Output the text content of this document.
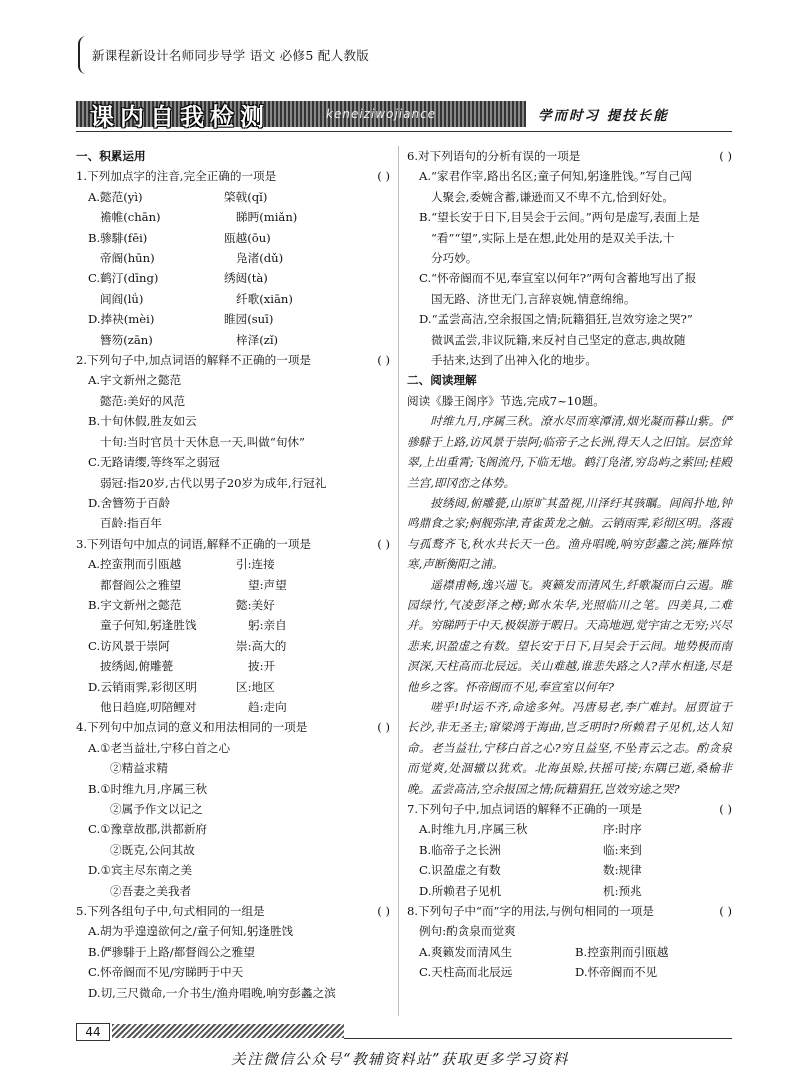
新课程新设计名师同步导学 语文 必修5 配人教版
课内自我检测	keneiziwojiance	学而时习 提技长能
一、积累运用
1.下列加点字的注音,完全正确的一项是	( )
A.懿范(yì)	棨戟(qǐ)
襜帷(chān)	睇眄(miǎn)
B.骖騑(fēi)	瓯越(ōu)
帝阍(hūn)	凫渚(dǔ)
C.鹤汀(dīng)	绣闼(tà)
闾阎(lǘ)	纤歌(xiān)
D.捧袂(mèi)	睢园(suī)
簪笏(zān)	梓泽(zǐ)
2.下列句子中,加点词语的解释不正确的一项是	( )
A.宇文新州之懿范
懿范:美好的风范
B.十旬休假,胜友如云
十旬:当时官员十天休息一天,叫做“旬休”
C.无路请缨,等终军之弱冠
弱冠:指20岁,古代以男子20岁为成年,行冠礼
D.舍簪笏于百龄
百龄:指百年
3.下列语句中加点的词语,解释不正确的一项是	( )
A.控蛮荆而引瓯越	引:连接
都督阎公之雅望	望:声望
B.宇文新州之懿范	懿:美好
童子何知,躬逢胜饯	躬:亲自
C.访风景于崇阿	崇:高大的
披绣闼,俯雕甍	披:开
D.云销雨霁,彩彻区明	区:地区
他日趋庭,叨陪鲤对	趋:走向
4.下列句中加点词的意义和用法相同的一项是	( )
A.①老当益壮,宁移白首之心
②精益求精
B.①时维九月,序属三秋
②属予作文以记之
C.①豫章故郡,洪都新府
②既克,公问其故
D.①宾主尽东南之美
②吾妻之美我者
5.下列各组句子中,句式相同的一组是	( )
A.胡为乎遑遑欲何之/童子何知,躬逢胜饯
B.俨骖騑于上路/都督阎公之雅望
C.怀帝阍而不见/穷睇眄于中天
D.切,三尺微命,一介书生/渔舟唱晚,响穷彭蠡之滨
6.对下列语句的分析有误的一项是	( )
A.“家君作宰,路出名区;童子何知,躬逢胜饯。”写自己闯
人聚会,委婉含蓄,谦逊而又不卑不亢,恰到好处。
B.“望长安于日下,目吴会于云间。”两句是虚写,表面上是
“看”“望”,实际上是在想,此处用的是双关手法,十
分巧妙。
C.“怀帝阍而不见,奉宣室以何年?”两句含蓄地写出了报
国无路、济世无门,言辞哀婉,情意绵绵。
D.“孟尝高洁,空余报国之情;阮籍猖狂,岂效穷途之哭?”
微讽孟尝,非议阮籍,来反衬自己坚定的意志,典故随
手拈来,达到了出神入化的地步。
二、阅读理解
阅读《滕王阁序》节选,完成7~10题。
时维九月,序属三秋。潦水尽而寒潭清,烟光凝而暮山紫。俨骖騑于上路,访风景于崇阿;临帝子之长洲,得天人之旧馆。层峦耸翠,上出重霄;飞阁流丹,下临无地。鹤汀凫渚,穷岛屿之萦回;桂殿兰宫,即冈峦之体势。
披绣闼,俯雕甍,山原旷其盈视,川泽纡其骇瞩。闾阎扑地,钟鸣鼎食之家;舸舰弥津,青雀黄龙之舳。云销雨霁,彩彻区明。落霞与孤鹜齐飞,秋水共长天一色。渔舟唱晚,响穷彭蠡之滨;雁阵惊寒,声断衡阳之浦。
遥襟甫畅,逸兴遄飞。爽籁发而清风生,纤歌凝而白云遏。睢园绿竹,气凌彭泽之樽;邺水朱华,光照临川之笔。四美具,二难并。穷睇眄于中天,极娱游于暇日。天高地迥,觉宇宙之无穷;兴尽悲来,识盈虚之有数。望长安于日下,目吴会于云间。地势极而南溟深,天柱高而北辰远。关山难越,谁悲失路之人?萍水相逢,尽是他乡之客。怀帝阍而不见,奉宣室以何年?
嗟乎!时运不齐,命途多舛。冯唐易老,李广难封。屈贾谊于长沙,非无圣主;窜梁鸿于海曲,岂乏明时?所赖君子见机,达人知命。老当益壮,宁移白首之心?穷且益坚,不坠青云之志。酌贪泉而觉爽,处涸辙以犹欢。北海虽赊,扶摇可接;东隅已逝,桑榆非晚。孟尝高洁,空余报国之情;阮籍猖狂,岂效穷途之哭?
7.下列句子中,加点词语的解释不正确的一项是	( )
A.时维九月,序属三秋	序:时序
B.临帝子之长洲	临:来到
C.识盈虚之有数	数:规律
D.所赖君子见机	机:预兆
8.下列句子中“而”字的用法,与例句相同的一项是	( )
例句:酌贪泉而觉爽
A.爽籁发而清风生	B.控蛮荆而引瓯越
C.天柱高而北辰远	D.怀帝阍而不见
44
关注微信公众号“教辅资料站”获取更多学习资料
